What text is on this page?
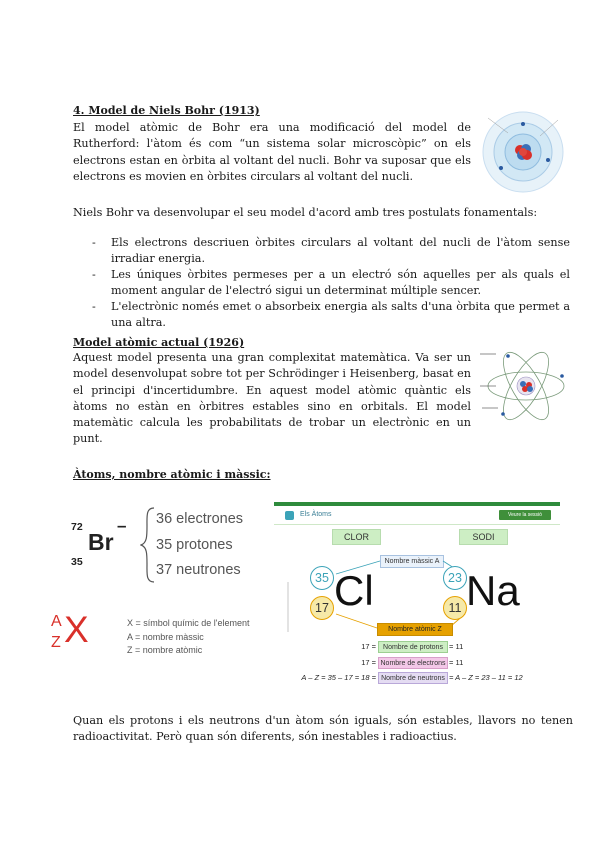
4. Model de Niels Bohr (1913)
El model atòmic de Bohr era una modificació del model de Rutherford: l'àtom és com “un sistema solar microscòpic” on els electrons estan en òrbita al voltant del nucli. Bohr va suposar que els electrons es movien en òrbites circulars al voltant del nucli.
Niels Bohr va desenvolupar el seu model d'acord amb tres postulats fonamentals:
- Els electrons descriuen òrbites circulars al voltant del nucli de l'àtom sense irradiar energia.
- Les úniques òrbites permeses per a un electró són aquelles per als quals el moment angular de l'electró sigui un determinat múltiple sencer.
- L'electrònic només emet o absorbeix energia als salts d'una òrbita que permet a una altra.
Model atòmic actual (1926)
Aquest model presenta una gran complexitat matemàtica. Va ser un model desenvolupat sobre tot per Schrödinger i Heisenberg, basat en el principi d'incertidumbre. En aquest model atòmic quàntic els àtoms no estàn en òrbitres estables sino en orbitals. El model matemàtic calcula les probabilitats de trobar un electrònic en un punt.
Àtoms, nombre atòmic i màssic:
72
35
Br
– 36 electrones
35 protones
37 neutrones
A
Z X	X = símbol químic de l'element
A = nombre màssic
Z = nombre atòmic
Els Àtoms	Veure la sessió
CLOR	SODI
Nombre màssic A
35
17 Cl	23
11 Na
Nombre atòmic Z
17 =	Nombre de protons = 11
17 = Nombre de electrons = 11
A – Z = 35 – 17 = 18 = Nombre de neutrons = A – Z = 23 – 11 = 12
Quan els protons i els neutrons d'un àtom són iguals, són estables, llavors no tenen radioactivitat. Però quan són diferents, són inestables i radioactius.
